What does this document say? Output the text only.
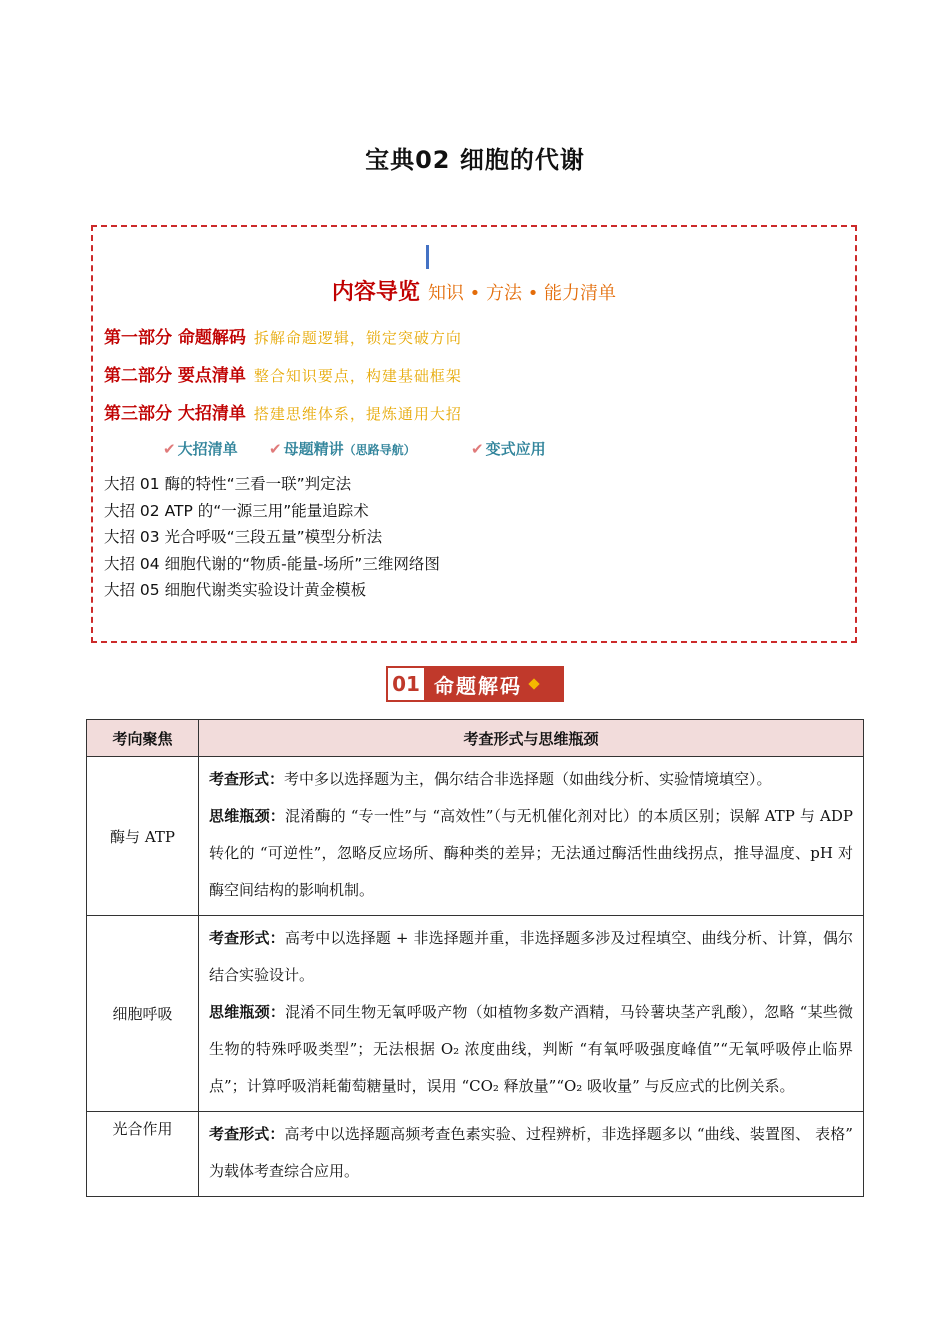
宝典02 细胞的代谢
内容导览 知识 • 方法 • 能力清单
第一部分 命题解码 拆解命题逻辑，锁定突破方向
第二部分 要点清单 整合知识要点，构建基础框架
第三部分 大招清单 搭建思维体系，提炼通用大招
✔ 大招清单 ✔ 母题精讲（思路导航）	✔ 变式应用
大招 01 酶的特性“三看一联”判定法
大招 02 ATP 的“一源三用”能量追踪术
大招 03 光合呼吸“三段五量”模型分析法
大招 04 细胞代谢的“物质-能量-场所”三维网络图
大招 05 细胞代谢类实验设计黄金模板
01 命题解码
考向聚焦	考查形式与思维瓶颈
酶与 ATP	考查形式：考中多以选择题为主，偶尔结合非选择题（如曲线分析、实验情境填空）。
思维瓶颈：混淆酶的 “专一性”与 “高效性”（与无机催化剂对比）的本质区别；误解 ATP 与 ADP 转化的 “可逆性”，忽略反应场所、酶种类的差异；无法通过酶活性曲线拐点，推导温度、pH 对酶空间结构的影响机制。

细胞呼吸	考查形式：高考中以选择题 + 非选择题并重，非选择题多涉及过程填空、曲线分析、计算，偶尔结合实验设计。
思维瓶颈：混淆不同生物无氧呼吸产物（如植物多数产酒精，马铃薯块茎产乳酸），忽略 “某些微生物的特殊呼吸类型”；无法根据 O₂ 浓度曲线，判断 “有氧呼吸强度峰值”“无氧呼吸停止临界点”；计算呼吸消耗葡萄糖量时，误用 “CO₂ 释放量”“O₂ 吸收量” 与反应式的比例关系。

光合作用	考查形式：高考中以选择题高频考查色素实验、过程辨析，非选择题多以 “曲线、装置图、 表格” 为载体考查综合应用。
